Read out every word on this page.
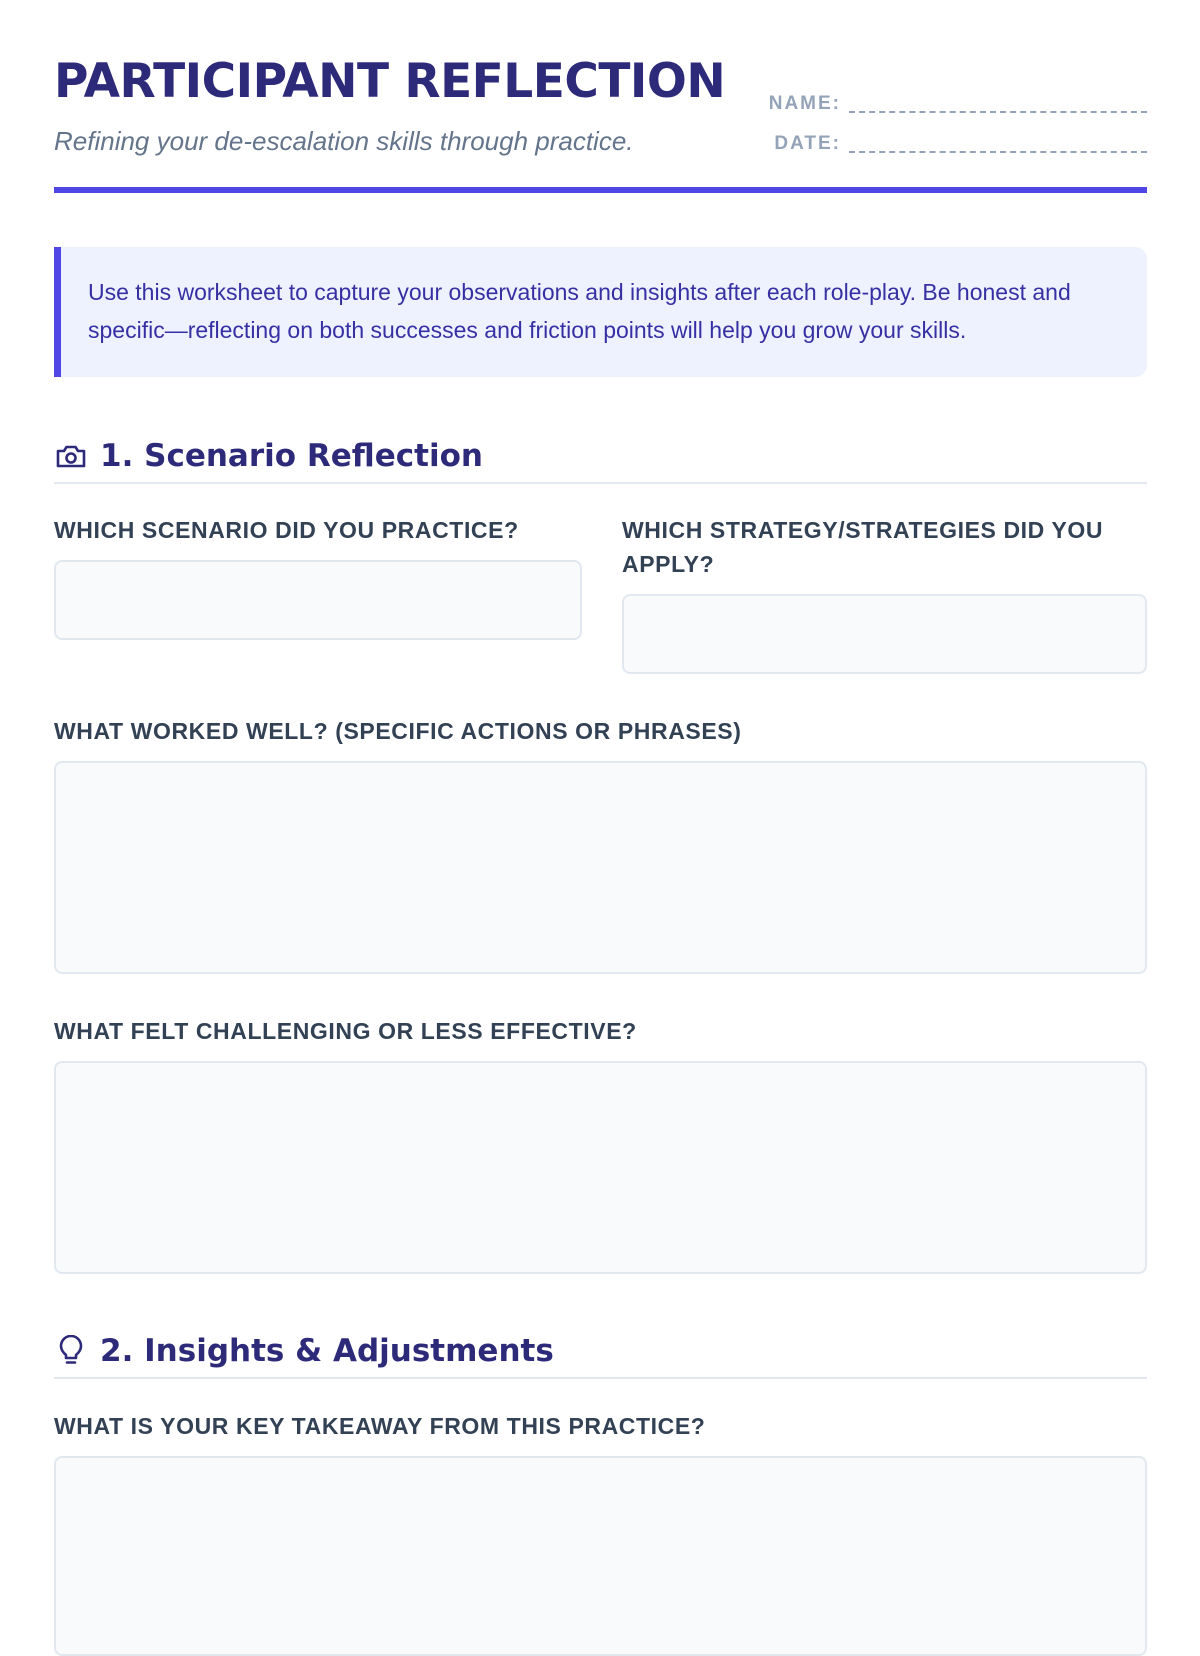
PARTICIPANT REFLECTION

Refining your de-escalation skills through practice.

NAME:
DATE:
Use this worksheet to capture your observations and insights after each role-play. Be honest and specific—reflecting on both successes and friction points will help you grow your skills.
1. Scenario Reflection
WHICH SCENARIO DID YOU PRACTICE?	WHICH STRATEGY/STRATEGIES DID YOU APPLY?
WHAT WORKED WELL? (SPECIFIC ACTIONS OR PHRASES)
WHAT FELT CHALLENGING OR LESS EFFECTIVE?
2. Insights & Adjustments
WHAT IS YOUR KEY TAKEAWAY FROM THIS PRACTICE?
